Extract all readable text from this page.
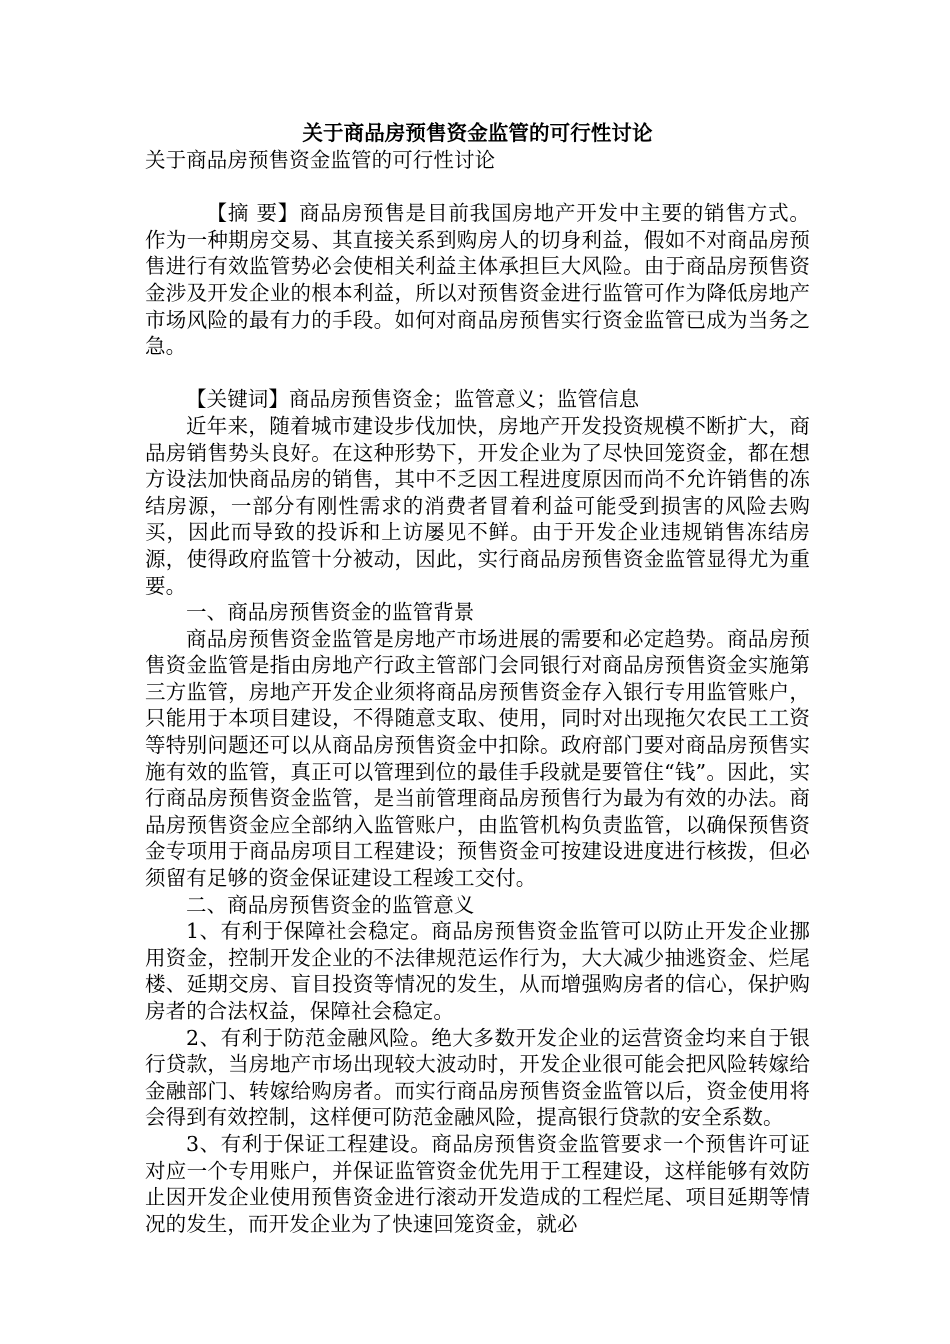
关于商品房预售资金监管的可行性讨论

关于商品房预售资金监管的可行性讨论

【摘 要】商品房预售是目前我国房地产开发中主要的销售方式。作为一种期房交易、其直接关系到购房人的切身利益，假如不对商品房预售进行有效监管势必会使相关利益主体承担巨大风险。由于商品房预售资金涉及开发企业的根本利益，所以对预售资金进行监管可作为降低房地产市场风险的最有力的手段。如何对商品房预售实行资金监管已成为当务之急。

【关键词】商品房预售资金；监管意义；监管信息

近年来，随着城市建设步伐加快，房地产开发投资规模不断扩大，商品房销售势头良好。在这种形势下，开发企业为了尽快回笼资金，都在想方设法加快商品房的销售，其中不乏因工程进度原因而尚不允许销售的冻结房源，一部分有刚性需求的消费者冒着利益可能受到损害的风险去购买，因此而导致的投诉和上访屡见不鲜。由于开发企业违规销售冻结房源，使得政府监管十分被动，因此，实行商品房预售资金监管显得尤为重要。

一、商品房预售资金的监管背景

商品房预售资金监管是房地产市场进展的需要和必定趋势。商品房预售资金监管是指由房地产行政主管部门会同银行对商品房预售资金实施第三方监管，房地产开发企业须将商品房预售资金存入银行专用监管账户，只能用于本项目建设，不得随意支取、使用，同时对出现拖欠农民工工资等特别问题还可以从商品房预售资金中扣除。政府部门要对商品房预售实施有效的监管，真正可以管理到位的最佳手段就是要管住“钱”。因此，实行商品房预售资金监管，是当前管理商品房预售行为最为有效的办法。商品房预售资金应全部纳入监管账户，由监管机构负责监管，以确保预售资金专项用于商品房项目工程建设；预售资金可按建设进度进行核拨，但必须留有足够的资金保证建设工程竣工交付。

二、商品房预售资金的监管意义

1、有利于保障社会稳定。商品房预售资金监管可以防止开发企业挪用资金，控制开发企业的不法律规范运作行为，大大减少抽逃资金、烂尾楼、延期交房、盲目投资等情况的发生，从而增强购房者的信心，保护购房者的合法权益，保障社会稳定。

2、有利于防范金融风险。绝大多数开发企业的运营资金均来自于银行贷款，当房地产市场出现较大波动时，开发企业很可能会把风险转嫁给金融部门、转嫁给购房者。而实行商品房预售资金监管以后，资金使用将会得到有效控制，这样便可防范金融风险，提高银行贷款的安全系数。

3、有利于保证工程建设。商品房预售资金监管要求一个预售许可证对应一个专用账户，并保证监管资金优先用于工程建设，这样能够有效防止因开发企业使用预售资金进行滚动开发造成的工程烂尾、项目延期等情况的发生，而开发企业为了快速回笼资金，就必
